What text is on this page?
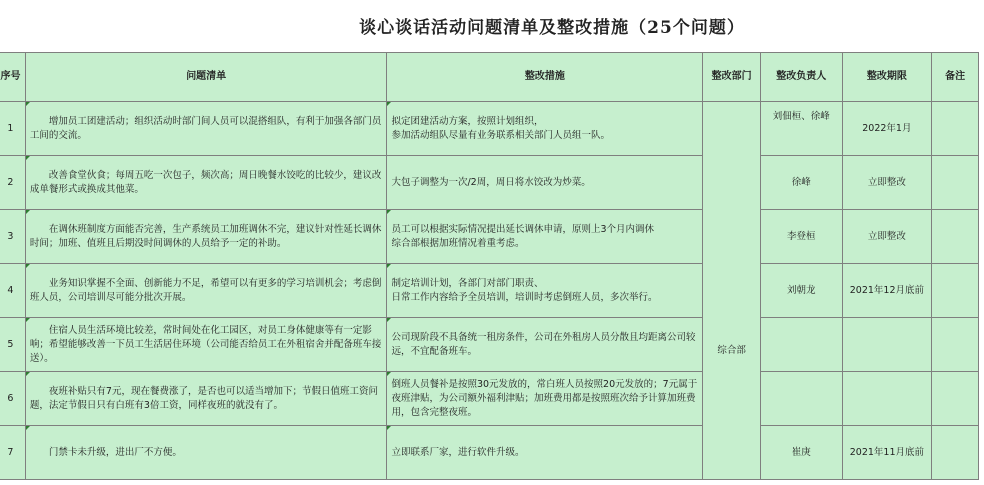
谈心谈话活动问题清单及整改措施（25个问题）
序号	问题清单	整改措施	整改部门	整改负责人	整改期限	备注
1	增加员工团建活动；组织活动时部门间人员可以混搭组队，有利于加强各部门员工间的交流。	拟定团建活动方案，按照计划组织，
参加活动组队尽量有业务联系相关部门人员组一队。	综合部	刘佃桓、徐峰	2022年1月	
2	改善食堂伙食；每周五吃一次包子，频次高；周日晚餐水饺吃的比较少，建议改成单餐形式或换成其他菜。	大包子调整为一次/2周，周日将水饺改为炒菜。		徐峰	立即整改	
3	在调休班制度方面能否完善，生产系统员工加班调休不完，建议针对性延长调休时间；加班、值班且后期没时间调休的人员给予一定的补助。	员工可以根据实际情况提出延长调休申请，原则上3个月内调休
综合部根据加班情况着重考虑。		李登桓	立即整改	
4	业务知识掌握不全面、创新能力不足，希望可以有更多的学习培训机会；考虑倒班人员，公司培训尽可能分批次开展。	制定培训计划，各部门对部门职责、
日常工作内容给予全员培训，培训时考虑倒班人员，多次举行。		刘朝龙	2021年12月底前	
5	住宿人员生活环境比较差，常时间处在化工园区，对员工身体健康等有一定影响；希望能够改善一下员工生活居住环境（公司能否给员工在外租宿舍并配备班车接送）。	公司现阶段不具备统一租房条件，公司在外租房人员分散且均距离公司较远，不宜配备班车。				
6	夜班补贴只有7元，现在餐费涨了，是否也可以适当增加下；节假日值班工资问题，法定节假日只有白班有3倍工资，同样夜班的就没有了。	倒班人员餐补是按照30元发放的，常白班人员按照20元发放的；7元属于夜班津贴，为公司额外福利津贴；加班费用都是按照班次给予计算加班费用，包含完整夜班。				
7	门禁卡未升级，进出厂不方便。	立即联系厂家，进行软件升级。		崔庚	2021年11月底前	
